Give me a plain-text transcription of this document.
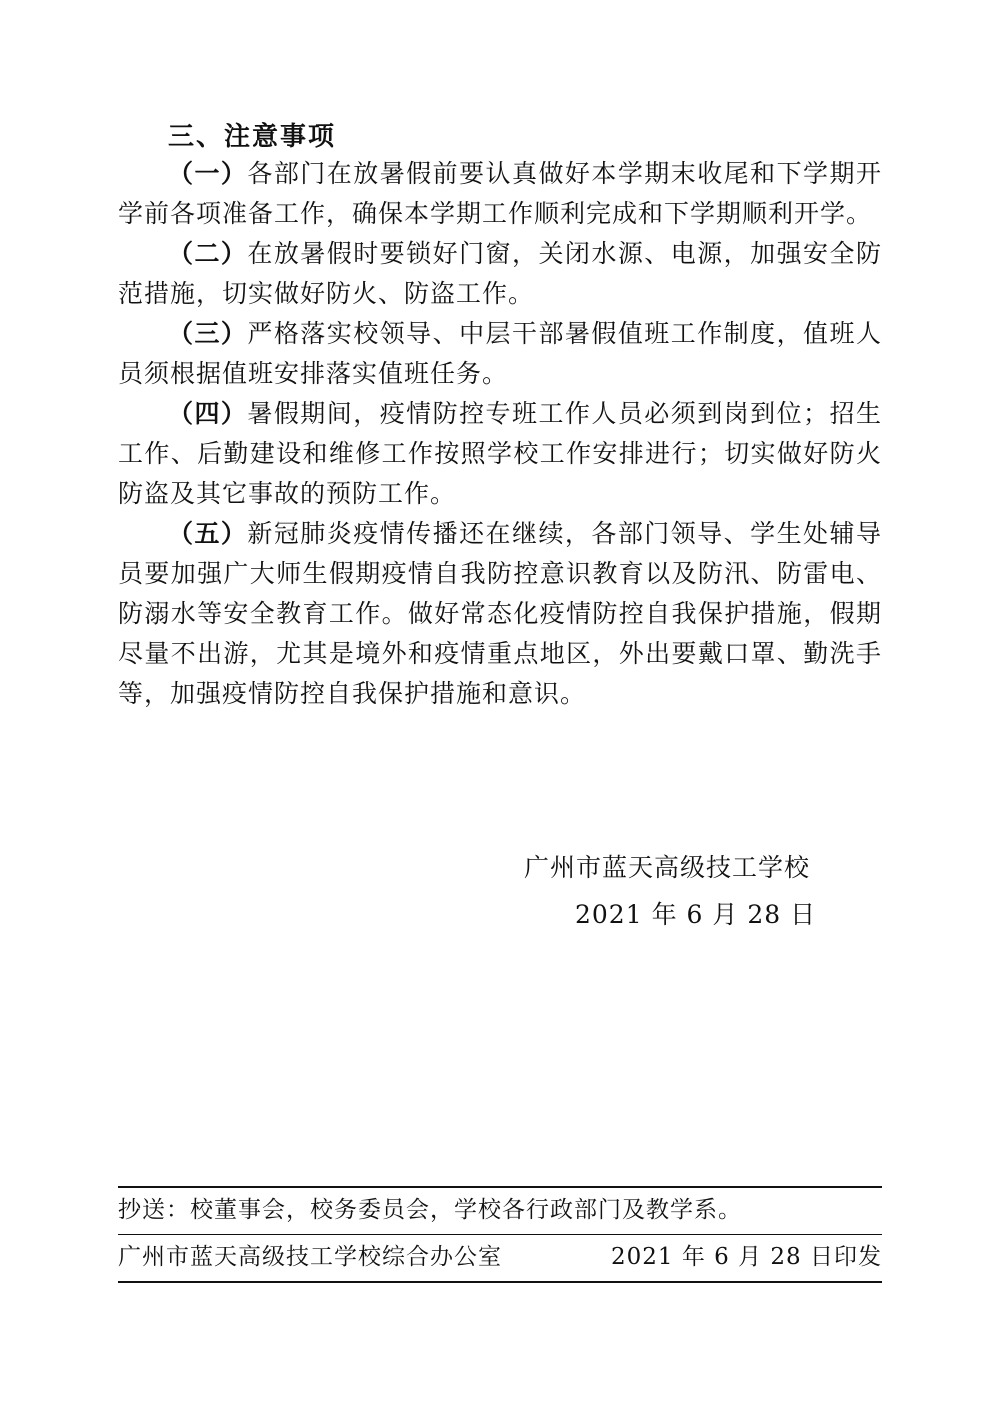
三、注意事项

（一）各部门在放暑假前要认真做好本学期末收尾和下学期开学前各项准备工作，确保本学期工作顺利完成和下学期顺利开学。

（二）在放暑假时要锁好门窗，关闭水源、电源，加强安全防范措施，切实做好防火、防盗工作。

（三）严格落实校领导、中层干部暑假值班工作制度，值班人员须根据值班安排落实值班任务。

（四）暑假期间，疫情防控专班工作人员必须到岗到位；招生工作、后勤建设和维修工作按照学校工作安排进行；切实做好防火防盗及其它事故的预防工作。

（五）新冠肺炎疫情传播还在继续，各部门领导、学生处辅导员要加强广大师生假期疫情自我防控意识教育以及防汛、防雷电、防溺水等安全教育工作。做好常态化疫情防控自我保护措施，假期尽量不出游，尤其是境外和疫情重点地区，外出要戴口罩、勤洗手等，加强疫情防控自我保护措施和意识。

广州市蓝天高级技工学校
2021 年 6 月 28 日
抄送：校董事会，校务委员会，学校各行政部门及教学系。
广州市蓝天高级技工学校综合办公室	2021 年 6 月 28 日印发
